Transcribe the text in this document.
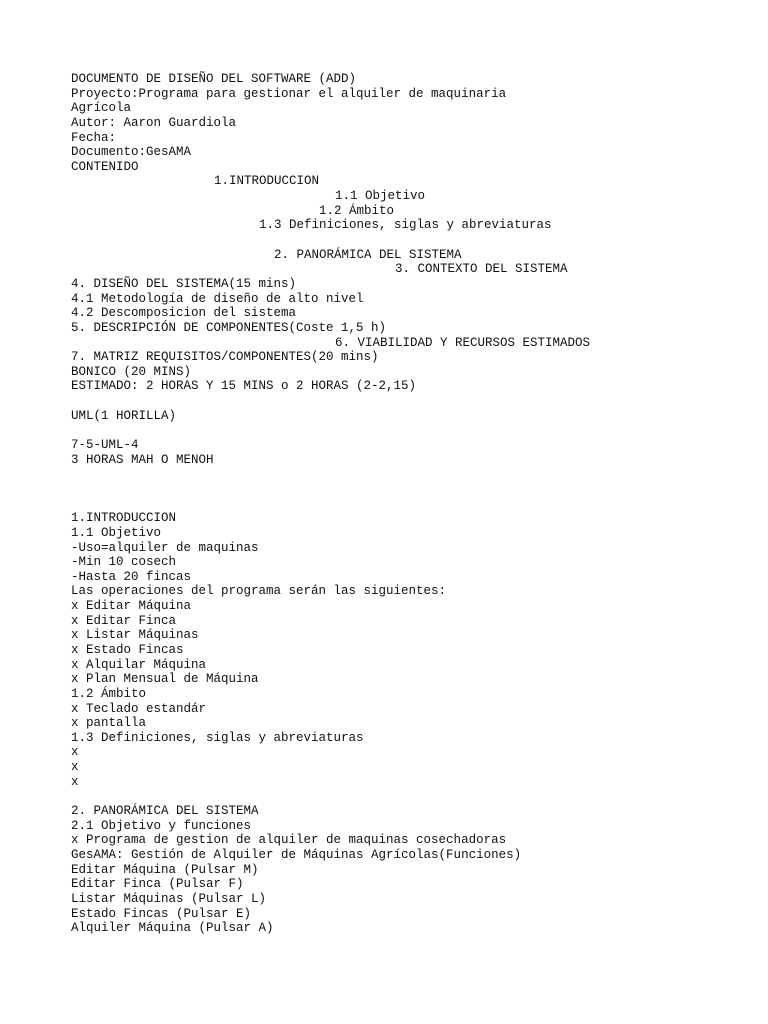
DOCUMENTO DE DISEÑO DEL SOFTWARE (ADD)
Proyecto:Programa para gestionar el alquiler de maquinaria
Agrícola
Autor: Aaron Guardiola
Fecha:
Documento:GesAMA
CONTENIDO
1.INTRODUCCION
1.1 Objetivo
1.2 Ámbito
1.3 Definiciones, siglas y abreviaturas
2. PANORÁMICA DEL SISTEMA
3. CONTEXTO DEL SISTEMA
4. DISEÑO DEL SISTEMA(15 mins)
4.1 Metodología de diseño de alto nivel
4.2 Descomposicion del sistema
5. DESCRIPCIÓN DE COMPONENTES(Coste 1,5 h)
6. VIABILIDAD Y RECURSOS ESTIMADOS
7. MATRIZ REQUISITOS/COMPONENTES(20 mins)
BONICO (20 MINS)
ESTIMADO: 2 HORAS Y 15 MINS o 2 HORAS (2-2,15)
UML(1 HORILLA)
7-5-UML-4
3 HORAS MAH O MENOH
1.INTRODUCCION
1.1 Objetivo
-Uso=alquiler de maquinas
-Min 10 cosech
-Hasta 20 fincas
Las operaciones del programa serán las siguientes:
x Editar Máquina
x Editar Finca
x Listar Máquinas
x Estado Fincas
x Alquilar Máquina
x Plan Mensual de Máquina
1.2 Ámbito
x Teclado estandár
x pantalla
1.3 Definiciones, siglas y abreviaturas
x
x
x
2. PANORÁMICA DEL SISTEMA
2.1 Objetivo y funciones
x Programa de gestion de alquiler de maquinas cosechadoras
GesAMA: Gestión de Alquiler de Máquinas Agrícolas(Funciones)
Editar Máquina (Pulsar M)
Editar Finca (Pulsar F)
Listar Máquinas (Pulsar L)
Estado Fincas (Pulsar E)
Alquiler Máquina (Pulsar A)
